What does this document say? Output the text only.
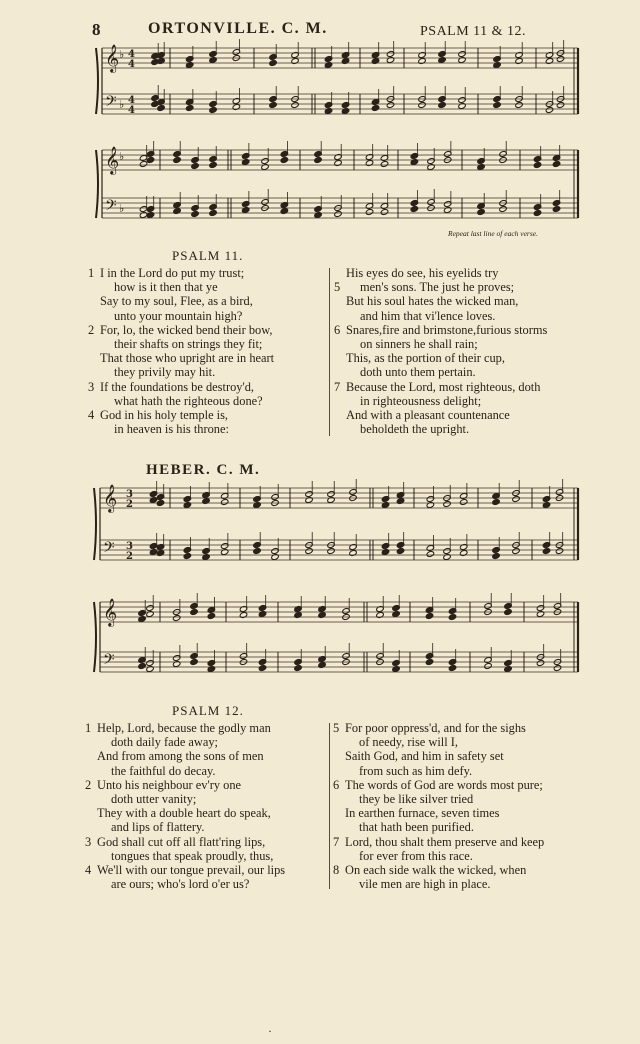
8	ORTONVILLE. C. M.	PSALM 11 & 12.
𝄞
𝄢
♭
♭
4
4
4
4
𝄞
𝄢
♭
♭
Repeat last line of each verse.
PSALM 11.
1 I in the Lord do put my trust;
how is it then that ye
Say to my soul, Flee, as a bird,
unto your mountain high?
2 For, lo, the wicked bend their bow,
their shafts on strings they fit;
That those who upright are in heart
they privily may hit.
3 If the foundations be destroy'd,
what hath the righteous done?
4 God in his holy temple is,
in heaven is his throne:
His eyes do see, his eyelids try
5 men's sons. The just he proves;
But his soul hates the wicked man,
and him that vi'lence loves.
6 Snares,fire and brimstone,furious storms
on sinners he shall rain;
This, as the portion of their cup,
doth unto them pertain.
7 Because the Lord, most righteous, doth
in righteousness delight;
And with a pleasant countenance
beholdeth the upright.
HEBER. C. M.
𝄞
𝄢
3
2
3
2
𝄞
𝄢
PSALM 12.
1 Help, Lord, because the godly man
doth daily fade away;
And from among the sons of men
the faithful do decay.
2 Unto his neighbour ev'ry one
doth utter vanity;
They with a double heart do speak,
and lips of flattery.
3 God shall cut off all flatt'ring lips,
tongues that speak proudly, thus,
4 We'll with our tongue prevail, our lips
are ours; who's lord o'er us?
5 For poor oppress'd, and for the sighs
of needy, rise will I,
Saith God, and him in safety set
from such as him defy.
6 The words of God are words most pure;
they be like silver tried
In earthen furnace, seven times
that hath been purified.
7 Lord, thou shalt them preserve and keep
for ever from this race.
8 On each side walk the wicked, when
vile men are high in place.
·
